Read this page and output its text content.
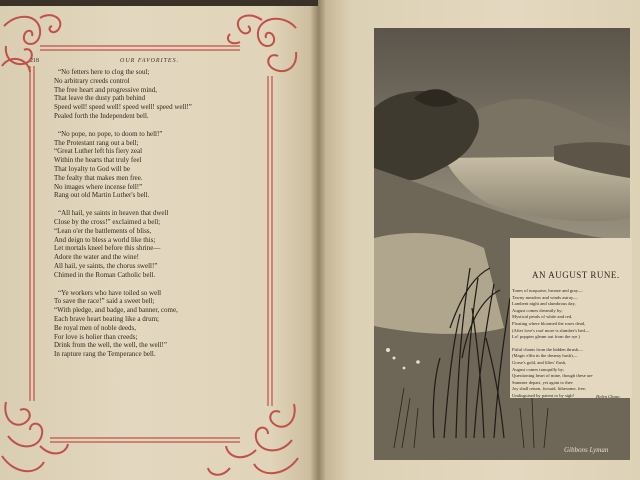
218	OUR FAVORITES.
“No fetters here to clog the soul;
No arbitrary creeds control
The free heart and progressive mind,
That leave the dusty path behind
Speed well! speed well! speed well! speed well!”
Pealed forth the Independent bell.
“No pope, no pope, to doom to hell!”
The Protestant rang out a bell;
“Great Luther left his fiery zeal
Within the hearts that truly feel
That loyalty to God will be
The fealty that makes men free.
No images where incense fell!”
Rang out old Martin Luther's bell.
“All hail, ye saints in heaven that dwell
Close by the cross!” exclaimed a bell;
“Lean o'er the battlements of bliss,
And deign to bless a world like this;
Let mortals kneel before this shrine—
Adore the water and the wine!
All hail, ye saints, the chorus swell!”
Chimed in the Roman Catholic bell.
“Ye workers who have toiled so well
To save the race!” said a sweet bell;
“With pledge, and badge, and banner, come,
Each brave heart beating like a drum;
Be royal men of noble deeds,
For love is holier than creeds;
Drink from the well, the well, the well!”
In rapture rang the Temperance bell.
Gibbons Lyman
AN AUGUST RUNE.
Tones of turquoise, bronze and gray—
Tawny meadow and winds astray—
Lambent night and slumbrous day,
August comes dreamily by;
Mystical petals of white and red,
Floating where bloomed the roses dead,
(After love's roof more is slumber's bed—
Lo! poppies gleam out from the rye.)
Fitful chants from the hidden thrush—
(Magic elfin in the dreamy hush)—
Gorse's gold, and lilies' flush,
August comes tranquilly by;
Questioning heart of mine, though these are
Summer depart, yet again to thee
Joy shall return, forsaid, lithesome, free,
Undisguised by patent or by sigh!	Helen Chase.
